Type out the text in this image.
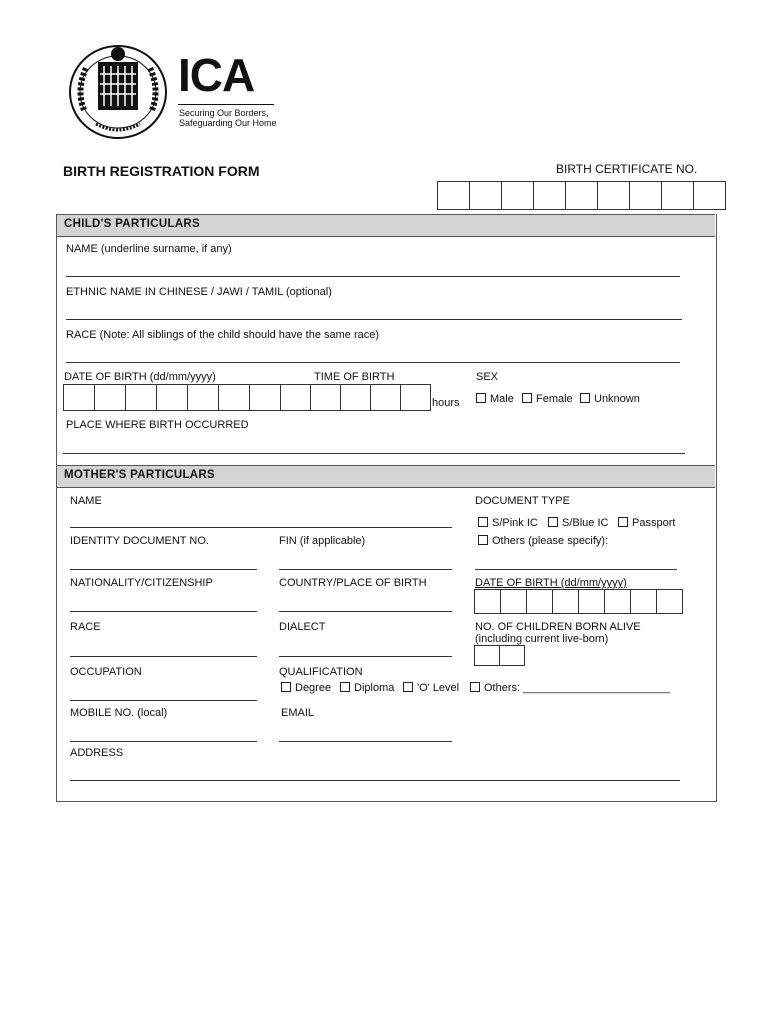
ICA
Securing Our Borders,
Safeguarding Our Home
BIRTH REGISTRATION FORM	BIRTH CERTIFICATE NO.
CHILD'S PARTICULARS
NAME (underline surname, if any)
ETHNIC NAME IN CHINESE / JAWI / TAMIL (optional)
RACE (Note: All siblings of the child should have the same race)
DATE OF BIRTH (dd/mm/yyyy)	TIME OF BIRTH
hours
SEX
Male	Female	Unknown
PLACE WHERE BIRTH OCCURRED
MOTHER'S PARTICULARS
NAME	DOCUMENT TYPE
S/Pink IC	S/Blue IC	Passport
Others (please specify):
IDENTITY DOCUMENT NO.	FIN (if applicable)
NATIONALITY/CITIZENSHIP	COUNTRY/PLACE OF BIRTH	DATE OF BIRTH (dd/mm/yyyy)
RACE	DIALECT	NO. OF CHILDREN BORN ALIVE
(including current live-born)
OCCUPATION	QUALIFICATION
Degree	Diploma	'O' Level	Others: ________________________
MOBILE NO. (local)	EMAIL
ADDRESS
